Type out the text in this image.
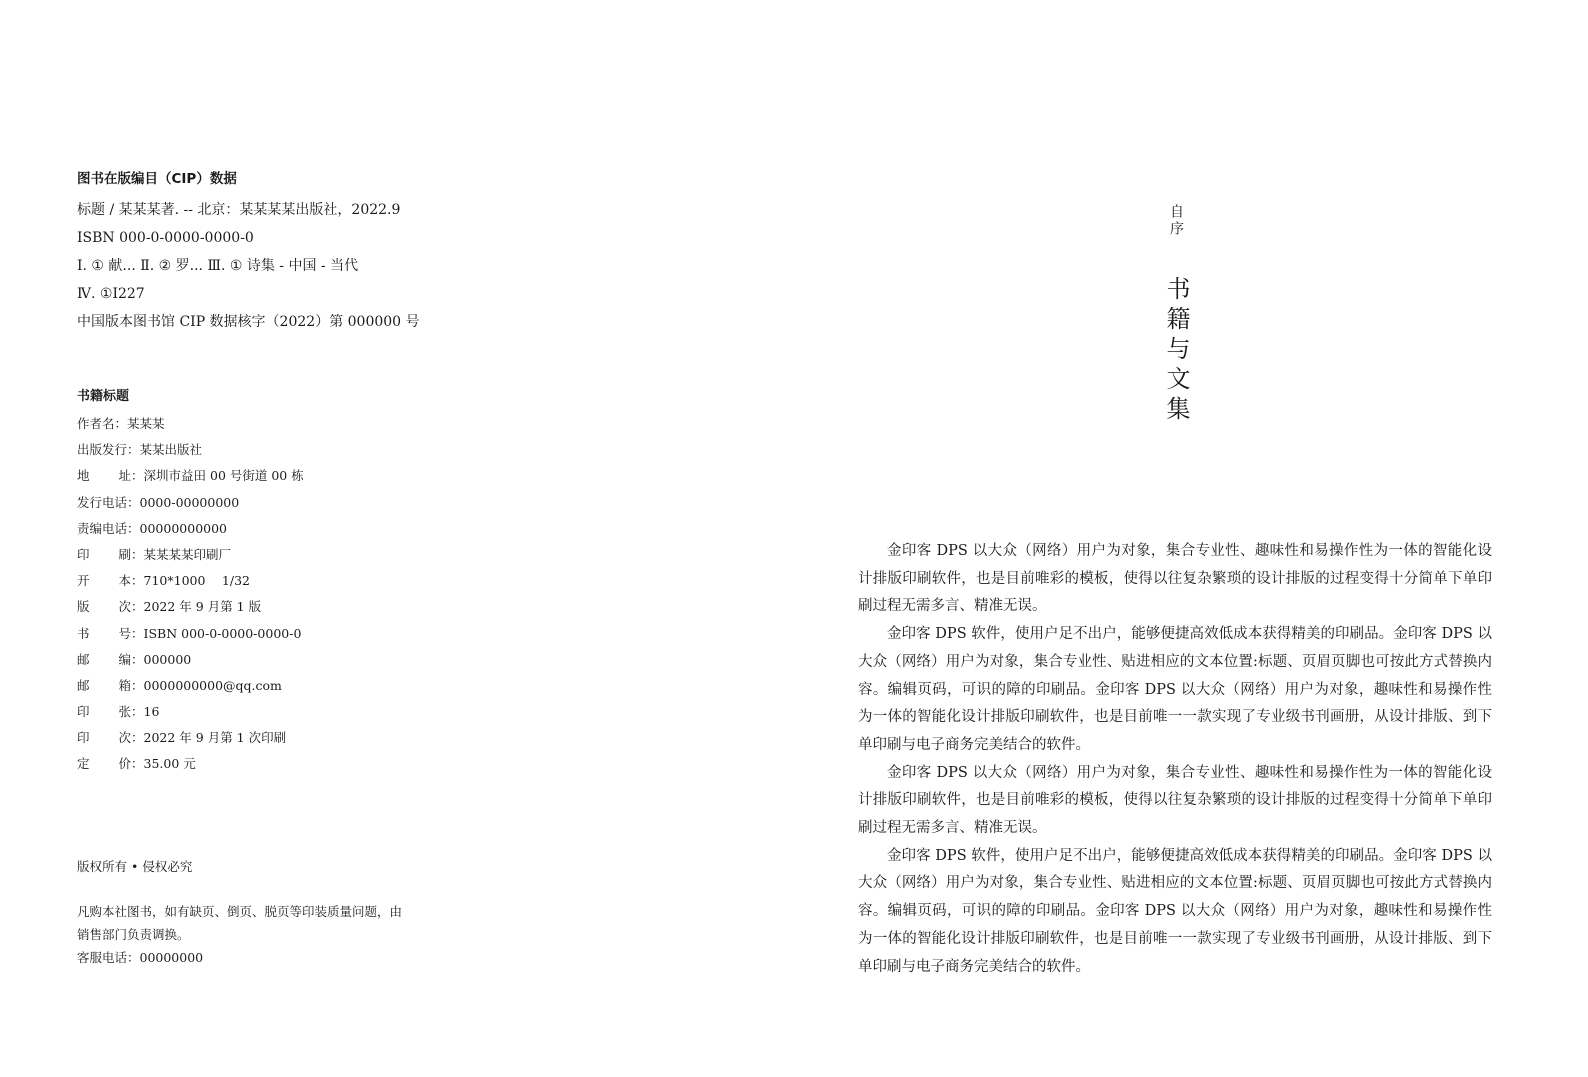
图书在版编目（CIP）数据
标题 / 某某某著. -- 北京：某某某某出版社，2022.9
ISBN 000-0-0000-0000-0
Ⅰ. ① 献... Ⅱ. ② 罗... Ⅲ. ① 诗集 - 中国 - 当代
Ⅳ. ①I227
中国版本图书馆 CIP 数据核字（2022）第 000000 号
书籍标题
作者名 ： 某某某
出版发行 ： 某某出版社
地址 ： 深圳市益田 00 号街道 00 栋
发行电话 ： 0000-00000000
责编电话 ： 00000000000
印刷 ： 某某某某印刷厂
开本 ： 710*1000　 1/32
版次 ： 2022 年 9 月第 1 版
书号 ： ISBN 000-0-0000-0000-0
邮编 ： 000000
邮箱 ： 0000000000@qq.com
印张 ： 16
印次 ： 2022 年 9 月第 1 次印刷
定价 ： 35.00 元
版权所有 • 侵权必究

凡购本社图书，如有缺页、倒页、脱页等印装质量问题，由

销售部门负责调换。

客服电话：00000000

自序
书籍与文集

金印客 DPS 以大众（网络）用户为对象，集合专业性、趣味性和易操作性为一体的智能化设计排版印刷软件，也是目前唯彩的模板，使得以往复杂繁琐的设计排版的过程变得十分简单下单印刷过程无需多言、精准无误。

金印客 DPS 软件，使用户足不出户，能够便捷高效低成本获得精美的印刷品。金印客 DPS 以大众（网络）用户为对象，集合专业性、贴进相应的文本位置:标题、页眉页脚也可按此方式替换内容。编辑页码，可识的障的印刷品。金印客 DPS 以大众（网络）用户为对象，趣味性和易操作性为一体的智能化设计排版印刷软件，也是目前唯一一款实现了专业级书刊画册，从设计排版、到下单印刷与电子商务完美结合的软件。

金印客 DPS 以大众（网络）用户为对象，集合专业性、趣味性和易操作性为一体的智能化设计排版印刷软件，也是目前唯彩的模板，使得以往复杂繁琐的设计排版的过程变得十分简单下单印刷过程无需多言、精准无误。

金印客 DPS 软件，使用户足不出户，能够便捷高效低成本获得精美的印刷品。金印客 DPS 以大众（网络）用户为对象，集合专业性、贴进相应的文本位置:标题、页眉页脚也可按此方式替换内容。编辑页码，可识的障的印刷品。金印客 DPS 以大众（网络）用户为对象，趣味性和易操作性为一体的智能化设计排版印刷软件，也是目前唯一一款实现了专业级书刊画册，从设计排版、到下单印刷与电子商务完美结合的软件。
